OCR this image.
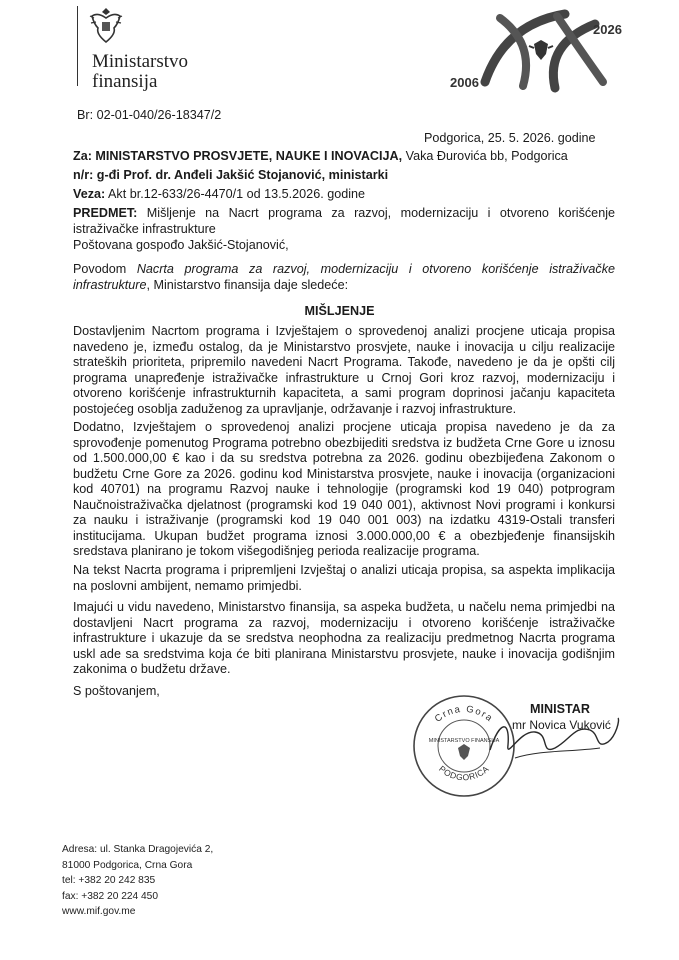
Ministarstvo
finansija
2026
2006
Br: 02-01-040/26-18347/2
Podgorica, 25. 5. 2026. godine
Za: MINISTARSTVO PROSVJETE, NAUKE I INOVACIJA, Vaka Đurovića bb, Podgorica
n/r: g-đi Prof. dr. Anđeli Jakšić Stojanović, ministarki
Veza: Akt br.12-633/26-4470/1 od 13.5.2026. godine
PREDMET: Mišljenje na Nacrt programa za razvoj, modernizaciju i otvoreno korišćenje
istraživačke infrastrukture
Poštovana gospođo Jakšić-Stojanović,
Povodom Nacrta programa za razvoj, modernizaciju i otvoreno korišćenje istraživačke infrastrukture, Ministarstvo finansija daje sledeće:
MIŠLJENJE

Dostavljenim Nacrtom programa i Izvještajem o sprovedenoj analizi procjene uticaja propisa navedeno je, između ostalog, da je Ministarstvo prosvjete, nauke i inovacija u cilju realizacije strateških prioriteta, pripremilo navedeni Nacrt Programa. Takođe, navedeno je da je opšti cilj programa unapređenje istraživačke infrastrukture u Crnoj Gori kroz razvoj, modernizaciju i otvoreno korišćenje infrastrukturnih kapaciteta, a sami program doprinosi jačanju kapaciteta postojećeg osoblja zaduženog za upravljanje, održavanje i razvoj infrastrukture.

Dodatno, Izvještajem o sprovedenoj analizi procjene uticaja propisa navedeno je da za sprovođenje pomenutog Programa potrebno obezbijediti sredstva iz budžeta Crne Gore u iznosu od 1.500.000,00 € kao i da su sredstva potrebna za 2026. godinu obezbijeđena Zakonom o budžetu Crne Gore za 2026. godinu kod Ministarstva prosvjete, nauke i inovacija (organizacioni kod 40701) na programu Razvoj nauke i tehnologije (programski kod 19 040) potprogram Naučnoistraživačka djelatnost (programski kod 19 040 001), aktivnost Novi programi i konkursi za nauku i istraživanje (programski kod 19 040 001 003) na izdatku 4319-Ostali transferi institucijama. Ukupan budžet programa iznosi 3.000.000,00 € a obezbjeđenje finansijskih sredstava planirano je tokom višegodišnjeg perioda realizacije programa.

Na tekst Nacrta programa i pripremljeni Izvještaj o analizi uticaja propisa, sa aspekta implikacija na poslovni ambijent, nemamo primjedbi.

Imajući u vidu navedeno, Ministarstvo finansija, sa aspeka budžeta, u načelu nema primjedbi na dostavljeni Nacrt programa za razvoj, modernizaciju i otvoreno korišćenje istraživačke infrastrukture i ukazuje da se sredstva neophodna za realizaciju predmetnog Nacrta programa uskl ade sa sredstvima koja će biti planirana Ministarstvu prosvjete, nauke i inovacija godišnjim zakonima o budžetu države.

S poštovanjem,
MINISTAR
mr Novica Vuković
Crna Gora
PODGORICA
MINISTARSTVO FINANSIJA
Adresa: ul. Stanka Dragojevića 2,
81000 Podgorica, Crna Gora
tel: +382 20 242 835
fax: +382 20 224 450
www.mif.gov.me
